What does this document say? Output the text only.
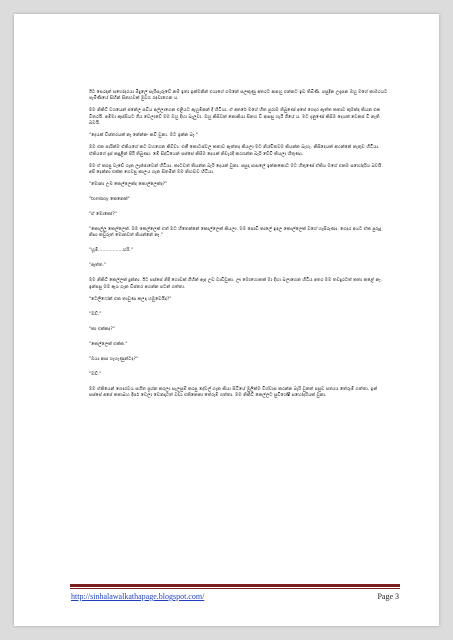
ඊට පෙරදාත් සහෝදරයා මිදුලේ සැරිසැරුවේ නම් ඉතා ඉක්මනින් එයාගේ ගමනේ සලකුණු අතරට ආපහු එන්නට ඉඩ තිබිණි. පසුදින උදෑසන ඔහු මගේ කාමරයට පැමිණියේ සිහින් සිනහවක් මුවග රඳවාගෙන ය.

මම නිකිට් වශයෙන් ජනේල පඩිය අල්ලාගෙන එළියට ඇහුම්කන් දී හිටියා. ඒ අතරේ මගේ හිත පුරාම තිබුණේ අපේ ගෙදර ඇත්ත කතාව කුමක්ද කියන එක විතරයි. අම්මා කුස්සියට ගිය වෙලාවේ මම ඔහු දිහා බැලුවා. ඔහු කිසිවක් නොකියා සිනහ වී ආපසු හැරී ගියේ ය. මට දැනුණේ කිසිම දෙයක් වෙනස් වී නැති බවයි.

"දෙයක් විස්තරයක් නෑ නේන්නං කවි වුනා. මට ඉන්න බෑ."

මම එක පාරින්ම ඒකියගේ කට වහගෙන කිව්වා. එකී කොටස්වල කතාව ඇත්තද කියලා මට නිශ්චිතවම කියන්න බැහැ. කිසිදෙයක් අහන්නේ නැතුව හිටියා. ඒකියගේ දෑස් කඳුළින් පිරී තිබුණා. මේ සිද්ධියෙන් පස්සේ කිසිම දෙයක් නිවැරදි කරගන්න බැරි වේවි කියලා හිතුණා.

මම ඒ කරපු වැඩේ ගැන ලැජ්ජාවෙන් හිටියා. කාටවත් කියන්න බැරි දෙයක් වුනා. පසුදා පාසලේ ඉන්නකොට මට හිතුණේ ඒකිය මගේ එකම සහෝදරිය බවයි. අපි දෙන්නා එක්ක ගෙවපු කාලය ගැන සිතමින් මම නිහඬව හිටියා.

"මොනා උඹ කෙල්ලෙක්ද කොල්ලෙක්ද?"

"tomboy කෙනෙක්"

"ඒ මොකෝ?"

"කොල්ලු කෙල්ලෙක්. මම කෙල්ලෙක් එත් මට හිතෙන්නේ කොල්ලෙක් කියලා. මම පොඩි කාලේ ඉඳල කොල්ලෙක් වගේ හැසිරුණා. ගෙදර අයට ඒක පුරුදු නිසා කවුරුත් මොනවත් කියන්නේ නෑ."

"හූම්.................හරි."

"ඇත්ත."

මම නිකිට් කෙල්ලක් දුන්නා. ඊට පස්සේ නිදි ගොඩක් ගිහින් ඇඳ උඩ වාඩිවුනා. ඌ මොහොතක් මා දිහා බලාගෙන හිටිය අතර මම තවදුරටත් කතා කළේ නෑ. ඉන්පසු මම ඇය ගැන විස්තර අහන්න පටන් ගත්තා.

"ටෙලිෆෝන් එක තාවුණ කලදා හමුවෙයිද?"

"ඔව්."

"කා එක්කද?"

"කෙල්ලෙක් එක්ක."

"ඔයා ආස ගැහැණුන්ටද?"

"ඔව්."

මම ඒකියෙන් ගෞරවය සහිත ප්‍රශ්න කරලා සැලසුම් කරපු දේවල් ගැන කියා සිටියේ මුලින්ම විශ්වාස කරන්න බැරි වුනත් පසුව සත්‍යය තේරුම් ගත්තා. ඉන් පස්සේ අපේ කතාබහ දීර්ඝ වෙලා වෙනදාටත් වඩා එකිනෙකා තේරුම් ගත්තා. මම නිකිට් කෙල්ලට සුවිශේෂී සහෝදරියක් වුනා.

http://sinhalawalkathapage.blogspot.com/	Page 3
